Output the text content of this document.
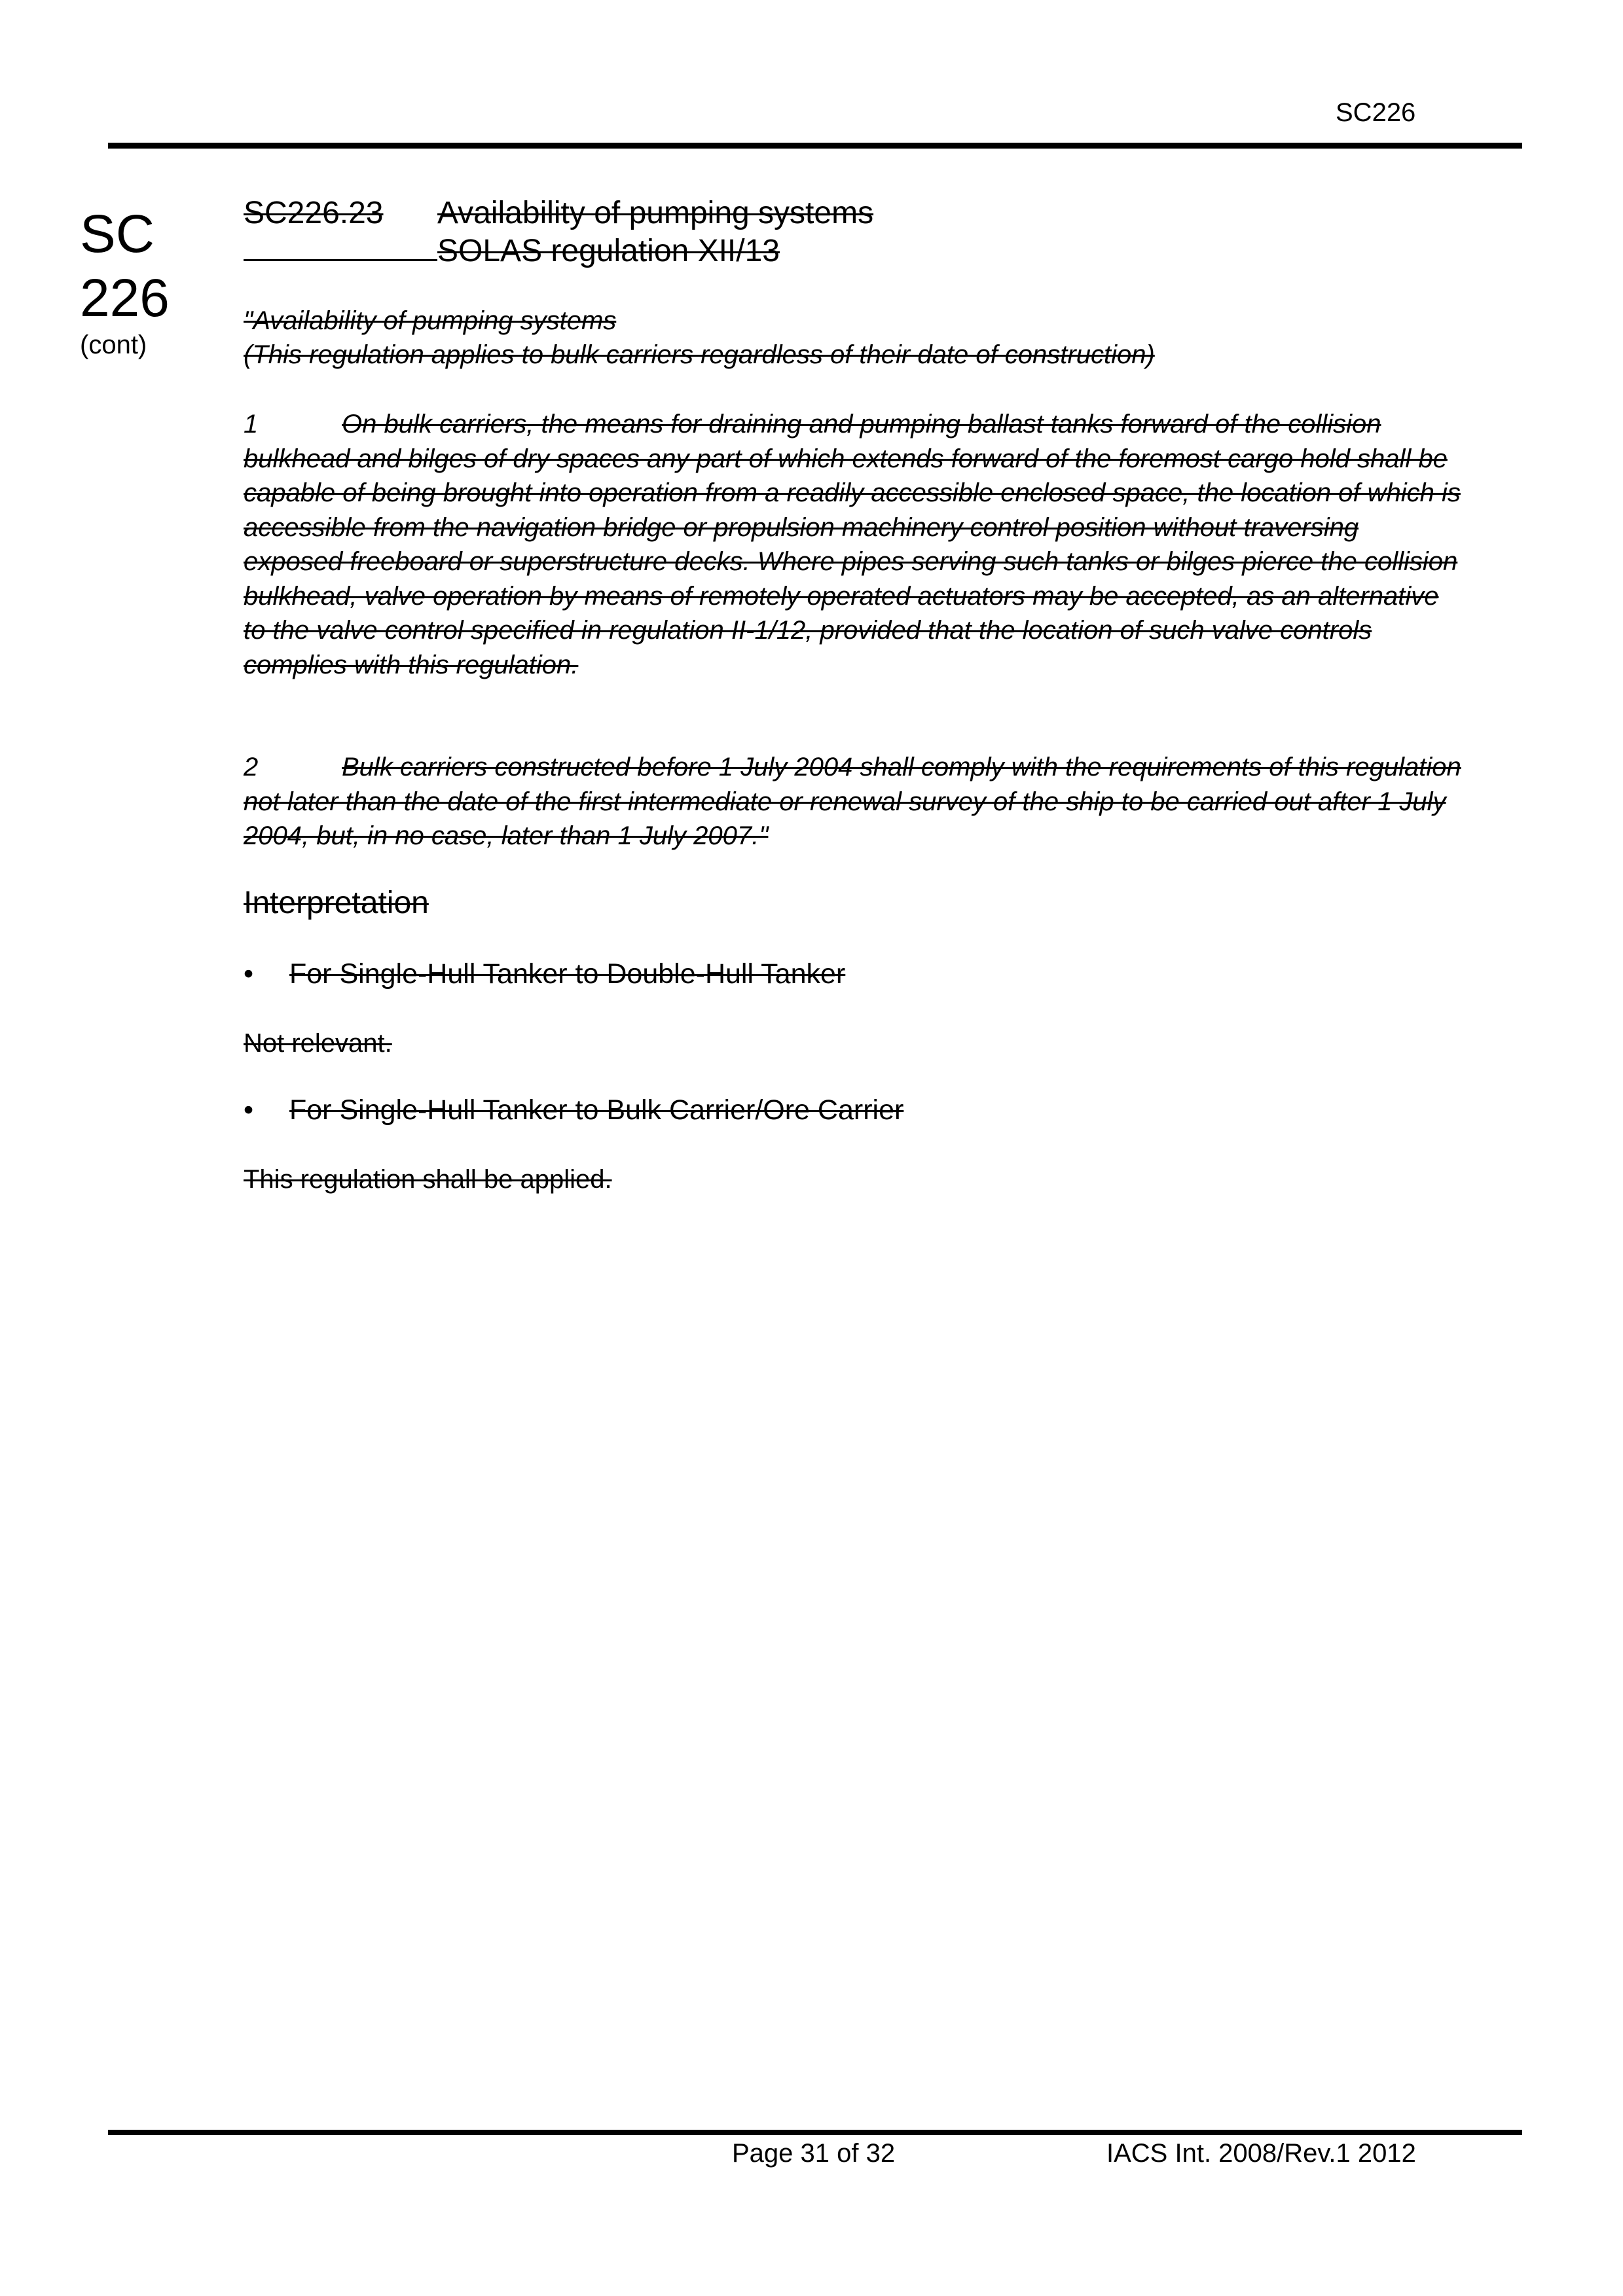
SC226
SC
226
(cont)
SC226.23 Availability of pumping systems
SOLAS regulation XII/13
"Availability of pumping systems
(This regulation applies to bulk carriers regardless of their date of construction)
1	On bulk carriers, the means for draining and pumping ballast tanks forward of the collision bulkhead and bilges of dry spaces any part of which extends forward of the foremost cargo hold shall be capable of being brought into operation from a readily accessible enclosed space, the location of which is accessible from the navigation bridge or propulsion machinery control position without traversing exposed freeboard or superstructure decks. Where pipes serving such tanks or bilges pierce the collision bulkhead, valve operation by means of remotely operated actuators may be accepted, as an alternative to the valve control specified in regulation II-1/12, provided that the location of such valve controls complies with this regulation.
2	Bulk carriers constructed before 1 July 2004 shall comply with the requirements of this regulation not later than the date of the first intermediate or renewal survey of the ship to be carried out after 1 July 2004, but, in no case, later than 1 July 2007."
Interpretation
• For Single-Hull Tanker to Double-Hull Tanker
Not relevant.
• For Single-Hull Tanker to Bulk Carrier/Ore Carrier
This regulation shall be applied.
Page 31 of 32	IACS Int. 2008/Rev.1 2012
